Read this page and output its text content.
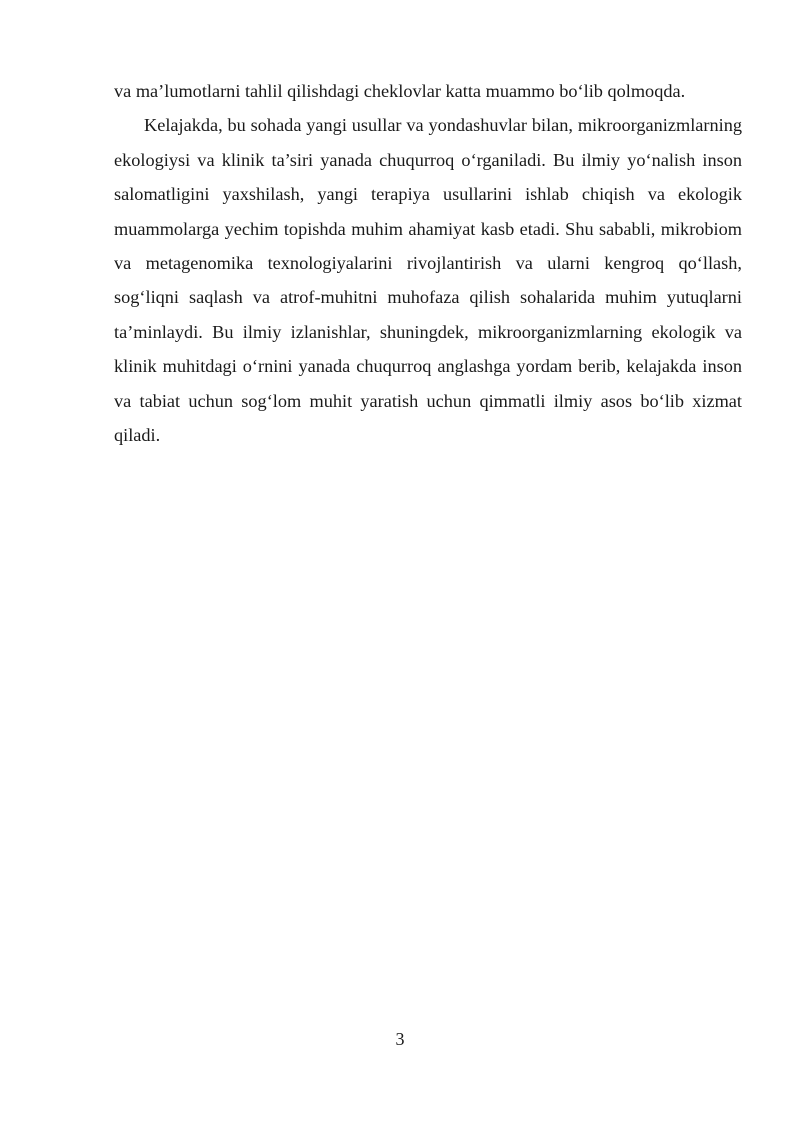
va ma’lumotlarni tahlil qilishdagi cheklovlar katta muammo bo‘lib qolmoqda.

Kelajakda, bu sohada yangi usullar va yondashuvlar bilan, mikroorganizmlarning ekologiysi va klinik ta’siri yanada chuqurroq o‘rganiladi. Bu ilmiy yo‘nalish inson salomatligini yaxshilash, yangi terapiya usullarini ishlab chiqish va ekologik muammolarga yechim topishda muhim ahamiyat kasb etadi. Shu sababli, mikrobiom va metagenomika texnologiyalarini rivojlantirish va ularni kengroq qo‘llash, sog‘liqni saqlash va atrof-muhitni muhofaza qilish sohalarida muhim yutuqlarni ta’minlaydi. Bu ilmiy izlanishlar, shuningdek, mikroorganizmlarning ekologik va klinik muhitdagi o‘rnini yanada chuqurroq anglashga yordam berib, kelajakda inson va tabiat uchun sog‘lom muhit yaratish uchun qimmatli ilmiy asos bo‘lib xizmat qiladi.

3
